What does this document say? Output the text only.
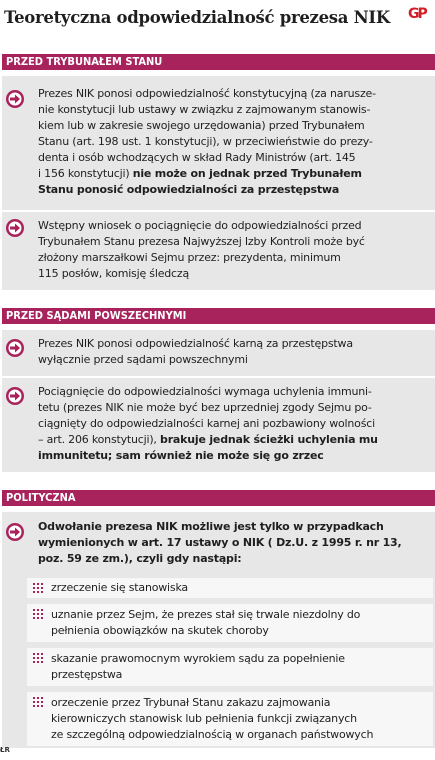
Teoretyczna odpowiedzialność prezesa NIK	GP
PRZED TRYBUNAŁEM STANU
Prezes NIK ponosi odpowiedzialność konstytucyjną (za narusze-
nie konstytucji lub ustawy w związku z zajmowanym stanowis-
kiem lub w zakresie swojego urzędowania) przed Trybunałem
Stanu (art. 198 ust. 1 konstytucji), w przeciwieństwie do prezy-
denta i osób wchodzących w skład Rady Ministrów (art. 145
i 156 konstytucji) nie może on jednak przed Trybunałem
Stanu ponosić odpowiedzialności za przestępstwa
Wstępny wniosek o pociągnięcie do odpowiedzialności przed
Trybunałem Stanu prezesa Najwyższej Izby Kontroli może być
złożony marszałkowi Sejmu przez: prezydenta, minimum
115 posłów, komisję śledczą
PRZED SĄDAMI POWSZECHNYMI
Prezes NIK ponosi odpowiedzialność karną za przestępstwa
wyłącznie przed sądami powszechnymi
Pociągnięcie do odpowiedzialności wymaga uchylenia immuni-
tetu (prezes NIK nie może być bez uprzedniej zgody Sejmu po-
ciągnięty do odpowiedzialności karnej ani pozbawiony wolności
– art. 206 konstytucji), brakuje jednak ścieżki uchylenia mu
immunitetu; sam również nie może się go zrzec
POLITYCZNA
Odwołanie prezesa NIK możliwe jest tylko w przypadkach
wymienionych w art. 17 ustawy o NIK ( Dz.U. z 1995 r. nr 13,
poz. 59 ze zm.), czyli gdy nastąpi:
zrzeczenie się stanowiska
uznanie przez Sejm, że prezes stał się trwale niezdolny do
pełnienia obowiązków na skutek choroby
skazanie prawomocnym wyrokiem sądu za popełnienie
przestępstwa
orzeczenie przez Trybunał Stanu zakazu zajmowania
kierowniczych stanowisk lub pełnienia funkcji związanych
ze szczególną odpowiedzialnością w organach państwowych
ŁR
